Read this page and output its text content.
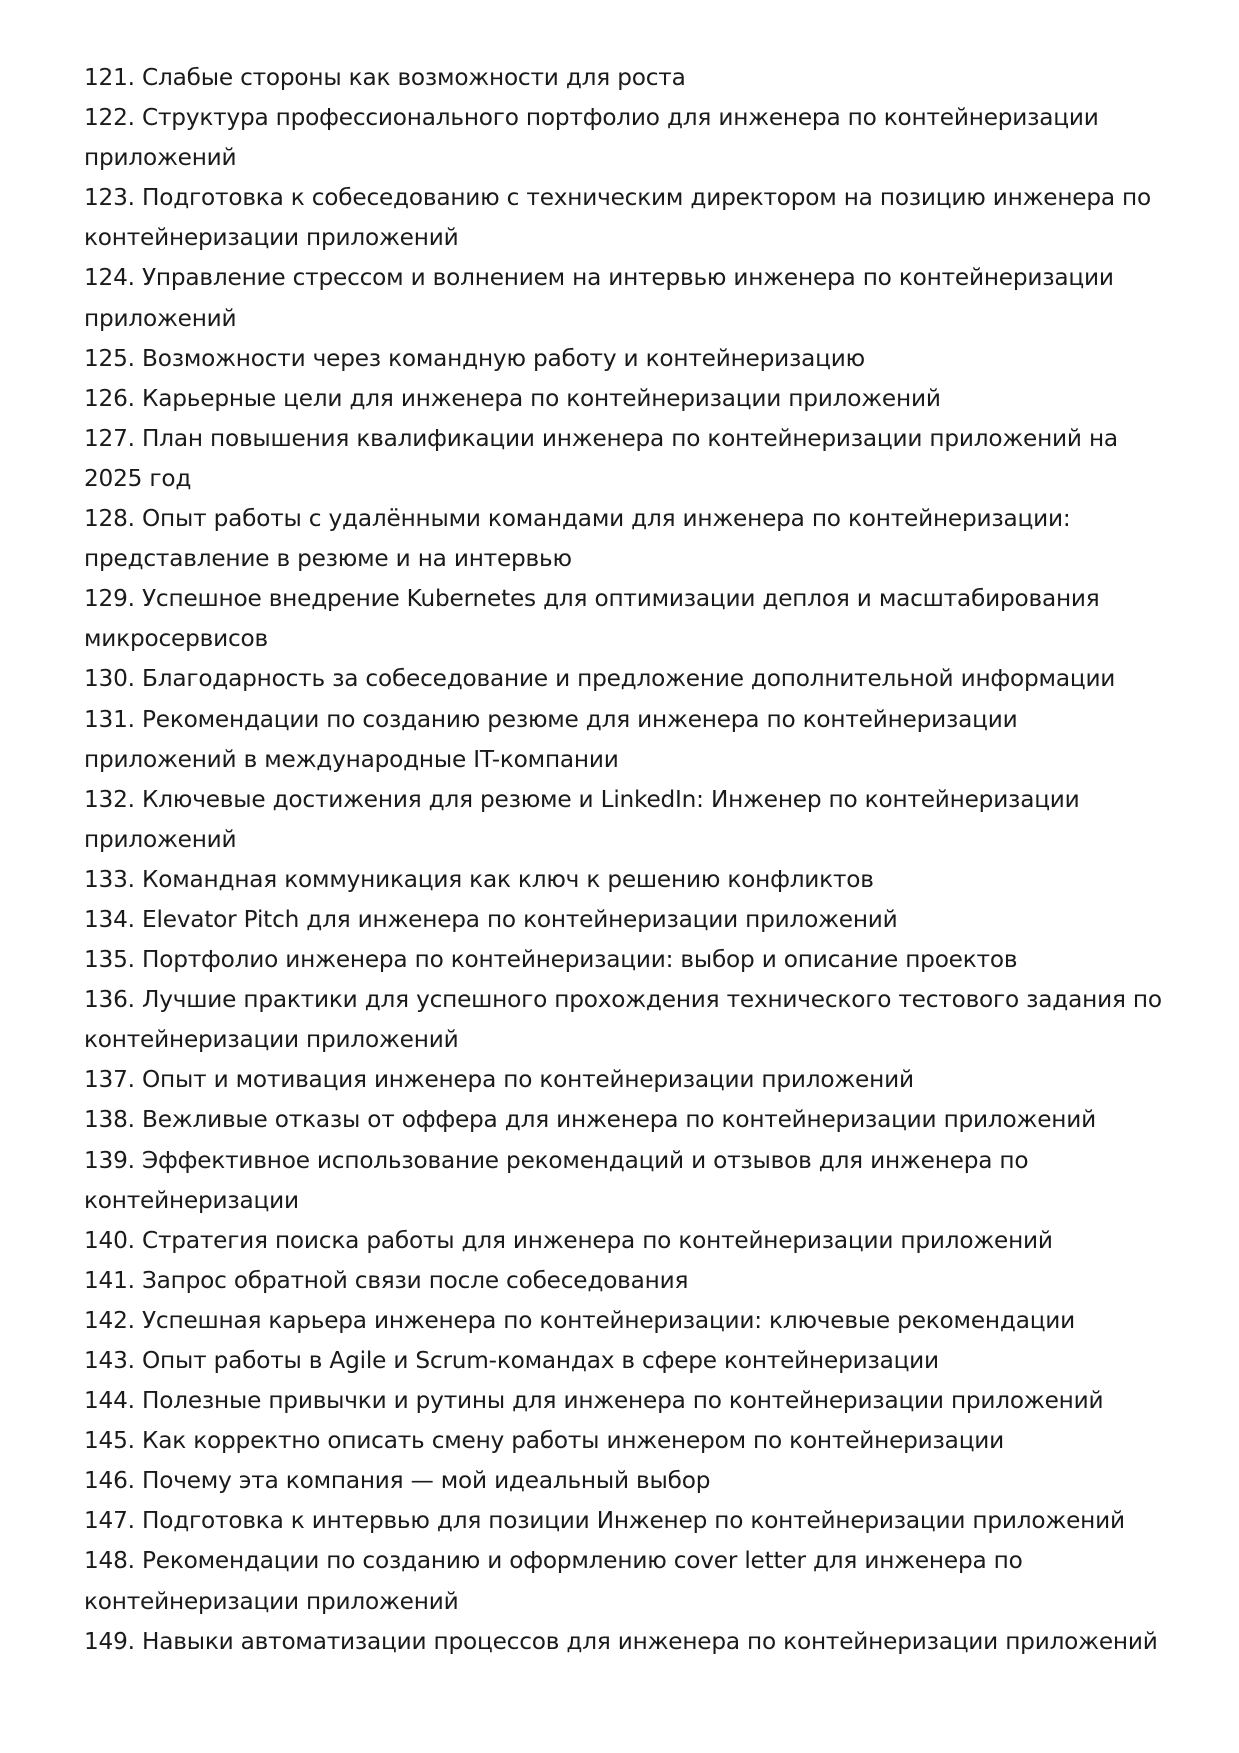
121. Слабые стороны как возможности для роста

122. Структура профессионального портфолио для инженера по контейнеризации приложений

123. Подготовка к собеседованию с техническим директором на позицию инженера по контейнеризации приложений

124. Управление стрессом и волнением на интервью инженера по контейнеризации приложений

125. Возможности через командную работу и контейнеризацию

126. Карьерные цели для инженера по контейнеризации приложений

127. План повышения квалификации инженера по контейнеризации приложений на 2025 год

128. Опыт работы с удалёнными командами для инженера по контейнеризации: представление в резюме и на интервью

129. Успешное внедрение Kubernetes для оптимизации деплоя и масштабирования микросервисов

130. Благодарность за собеседование и предложение дополнительной информации

131. Рекомендации по созданию резюме для инженера по контейнеризации приложений в международные IT-компании

132. Ключевые достижения для резюме и LinkedIn: Инженер по контейнеризации приложений

133. Командная коммуникация как ключ к решению конфликтов

134. Elevator Pitch для инженера по контейнеризации приложений

135. Портфолио инженера по контейнеризации: выбор и описание проектов

136. Лучшие практики для успешного прохождения технического тестового задания по контейнеризации приложений

137. Опыт и мотивация инженера по контейнеризации приложений

138. Вежливые отказы от оффера для инженера по контейнеризации приложений

139. Эффективное использование рекомендаций и отзывов для инженера по контейнеризации

140. Стратегия поиска работы для инженера по контейнеризации приложений

141. Запрос обратной связи после собеседования

142. Успешная карьера инженера по контейнеризации: ключевые рекомендации

143. Опыт работы в Agile и Scrum-командах в сфере контейнеризации

144. Полезные привычки и рутины для инженера по контейнеризации приложений

145. Как корректно описать смену работы инженером по контейнеризации

146. Почему эта компания — мой идеальный выбор

147. Подготовка к интервью для позиции Инженер по контейнеризации приложений

148. Рекомендации по созданию и оформлению cover letter для инженера по контейнеризации приложений

149. Навыки автоматизации процессов для инженера по контейнеризации приложений
